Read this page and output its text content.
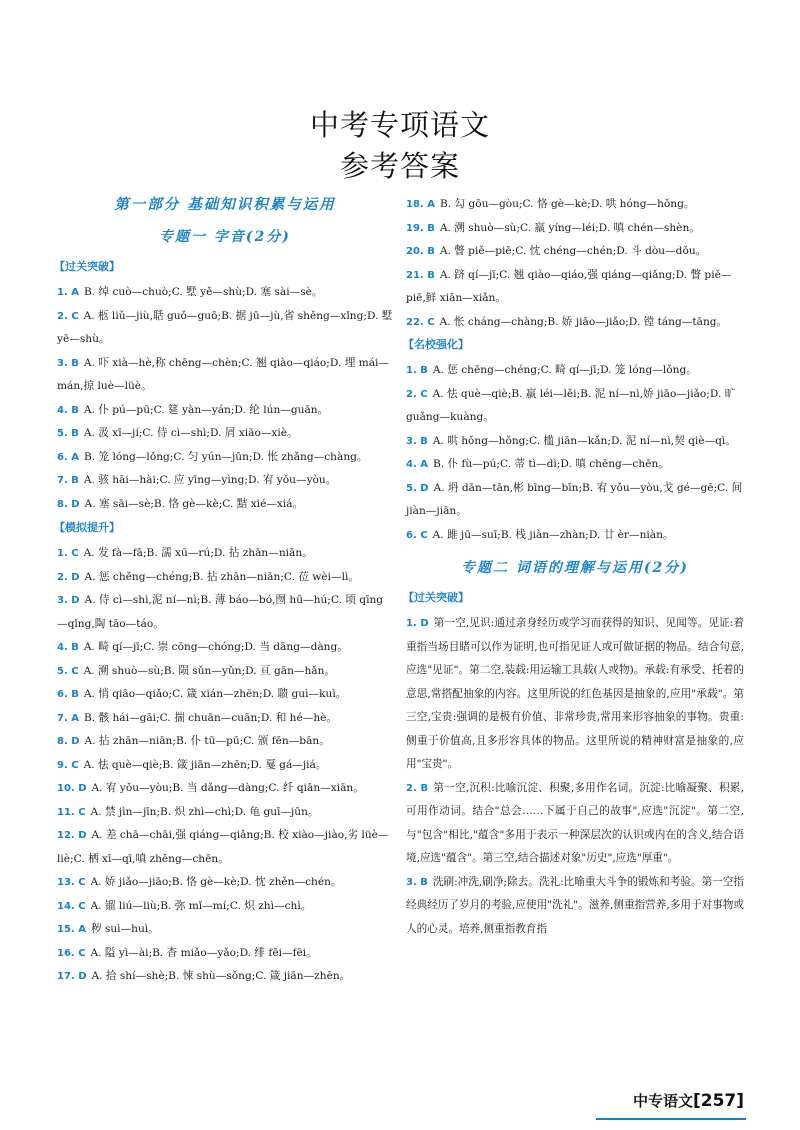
中考专项语文
参考答案
第一部分 基础知识积累与运用
专题一 字音(2分)
【过关突破】
1. A B. 绰 cuò—chuò;C. 墅 yě—shù;D. 塞 sài—sè。
2. C A. 柩 liǔ—jiù,聒 guǒ—guō;B. 据 jū—jù,省 shěng—xǐng;D. 墅 yē—shù。
3. B A. 吓 xià—hè,称 chēng—chèn;C. 翘 qiào—qiáo;D. 埋 mái—mán,掠 luè—lüè。
4. B A. 仆 pú—pū;C. 筵 yàn—yán;D. 纶 lún—guān。
5. B A. 汲 xī—jí;C. 侍 cì—shì;D. 屑 xiāo—xiè。
6. A B. 笼 lóng—lǒng;C. 匀 yún—jūn;D. 怅 zhǎng—chàng。
7. B A. 骇 hāi—hài;C. 应 yīng—yìng;D. 宥 yǒu—yòu。
8. D A. 塞 sāi—sè;B. 恪 gè—kè;C. 黠 xié—xiá。
【模拟提升】
1. C A. 发 fà—fā;B. 濡 xū—rú;D. 拈 zhān—niān。
2. D A. 惩 chěng—chéng;B. 拈 zhān—niān;C. 莅 wèi—lì。
3. D A. 侍 cì—shì,泥 ní—nì;B. 薄 báo—bó,囫 hū—hú;C. 顷 qīng—qǐng,陶 tāo—táo。
4. B A. 畸 qí—jī;C. 崇 cōng—chóng;D. 当 dāng—dàng。
5. C A. 溯 shuò—sù;B. 陨 sǔn—yǔn;D. 亘 gān—hǎn。
6. B A. 悄 qiāo—qiǎo;C. 箴 xián—zhēn;D. 聩 guì—kuì。
7. A B. 骸 hái—gāi;C. 揣 chuān—cuān;D. 和 hé—hè。
8. D A. 拈 zhān—niān;B. 仆 tū—pū;C. 颁 fēn—bān。
9. C A. 怯 què—qiè;B. 箴 jiān—zhēn;D. 戛 gá—jiá。
10. D A. 宥 yǒu—yòu;B. 当 dǎng—dàng;C. 纤 qiān—xiān。
11. C A. 禁 jìn—jīn;B. 炽 zhì—chì;D. 龟 guī—jūn。
12. D A. 差 chā—chāi,强 qiáng—qiǎng;B. 校 xiào—jiào,劣 lüè—liè;C. 栖 xī—qī,嗔 zhěng—chēn。
13. C A. 娇 jiǎo—jiāo;B. 恪 gè—kè;D. 忱 zhěn—chén。
14. C A. 镏 liú—liù;B. 弥 mǐ—mí;C. 炽 zhì—chì。
15. A 秽 suì—huì。
16. C A. 隘 yì—ài;B. 杳 miǎo—yǎo;D. 绯 fēi—fēi。
17. D A. 拾 shí—shè;B. 悚 shù—sǒng;C. 箴 jiān—zhēn。
18. A B. 勾 gōu—gòu;C. 恪 gè—kè;D. 哄 hóng—hǒng。
19. B A. 溯 shuò—sù;C. 羸 yíng—léi;D. 嗔 chén—shèn。
20. B A. 瞥 piě—piē;C. 忱 chéng—chén;D. 斗 dòu—dǒu。
21. B A. 跻 qí—jī;C. 翘 qiào—qiáo,强 qiáng—qiǎng;D. 瞥 piě—piē,鲜 xiān—xiǎn。
22. C A. 怅 cháng—chàng;B. 娇 jiāo—jiǎo;D. 镗 táng—tāng。
【名校强化】
1. B A. 惩 chēng—chéng;C. 畸 qí—jī;D. 笼 lóng—lǒng。
2. C A. 怯 què—qiè;B. 羸 léi—lěi;B. 泥 ní—nì,娇 jiāo—jiǎo;D. 旷 guǎng—kuàng。
3. B A. 哄 hǒng—hǒng;C. 槛 jiān—kǎn;D. 泥 ní—nì,契 qiè—qì。
4. A B. 仆 fù—pú;C. 蒂 tì—dì;D. 嗔 chēng—chēn。
5. D A. 坍 dān—tān,彬 bīng—bīn;B. 宥 yǒu—yòu,戈 gé—gē;C. 间 jiàn—jiān。
6. C A. 雎 jū—suī;B. 栈 jiàn—zhàn;D. 廿 èr—niàn。
专题二 词语的理解与运用(2分)
【过关突破】
1. D 第一空,见识:通过亲身经历或学习而获得的知识、见闻等。见证:着重指当场目睹可以作为证明,也可指见证人或可做证据的物品。结合句意,应选"见证"。第二空,装载:用运输工具载(人或物)。承载:有承受、托着的意思,常搭配抽象的内容。这里所说的红色基因是抽象的,应用"承载"。第三空,宝贵:强调的是极有价值、非常珍贵,常用来形容抽象的事物。贵重:侧重于价值高,且多形容具体的物品。这里所说的精神财富是抽象的,应用"宝贵"。
2. B 第一空,沉积:比喻沉淀、积聚,多用作名词。沉淀:比喻凝聚、积累,可用作动词。结合"总会……下属于自己的故事",应选"沉淀"。第二空,与"包含"相比,"蕴含"多用于表示一种深层次的认识或内在的含义,结合语境,应选"蕴含"。第三空,结合描述对象"历史",应选"厚重"。
3. B 洗刷:冲洗,刷净;除去。洗礼:比喻重大斗争的锻炼和考验。第一空指经典经历了岁月的考验,应使用"洗礼"。滋养,侧重指营养,多用于对事物或人的心灵。培养,侧重指教育指
中专语文[257]
